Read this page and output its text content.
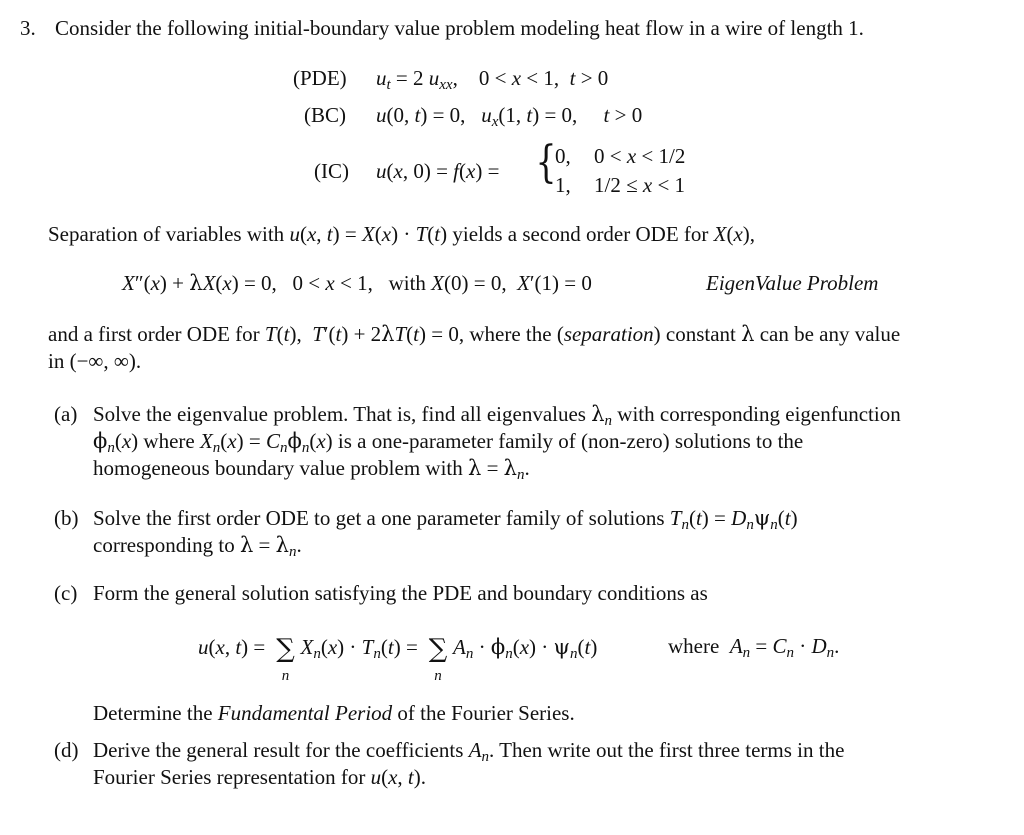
3. Consider the following initial-boundary value problem modeling heat flow in a wire of length 1.
(PDE) $u_t = 2$ $u_{xx}$,    0 < x < 1,  t > 0
(BC) u(0, t) = 0,   $u_x(1$, t) = 0,     t > 0
(IC) u(x, 0) = f(x) = {
0, 0 < x < 1/2
1, 1/2 ≤ x < 1
Separation of variables with u(x, t) = X(x) · T(t) yields a second order ODE for X(x),
X″(x) + λX(x) = 0,   0 < x < 1,   with X(0) = 0,  X′(1) = 0	EigenValue Problem
and a first order ODE for T(t),  T′(t) + 2λT(t) = 0, where the (separation) constant λ can be any value
in (−∞, ∞).
(a) Solve the eigenvalue problem. That is, find all eigenvalues $\lambda_n$ with corresponding eigenfunction
$\phi_n(x)$ where $X_n(x) = C_n\phi_n(x)$ is a one-parameter family of (non-zero) solutions to the
homogeneous boundary value problem with $\lambda = \lambda_n$.
(b) Solve the first order ODE to get a one parameter family of solutions $T_n(t) = D_n\psi_n(t)$
corresponding to $\lambda = \lambda_n$.
(c) Form the general solution satisfying the PDE and boundary conditions as
u(x, t) = ∑
n
$X_n(x) \cdot T_n(t)$ = ∑
n
$A_n \cdot \phi_n(x) \cdot \psi_n(t)$	where $A_n = C_n \cdot D_n$.
Determine the Fundamental Period of the Fourier Series.
(d) Derive the general result for the coefficients $A_n$. Then write out the first three terms in the
Fourier Series representation for u(x, t).
